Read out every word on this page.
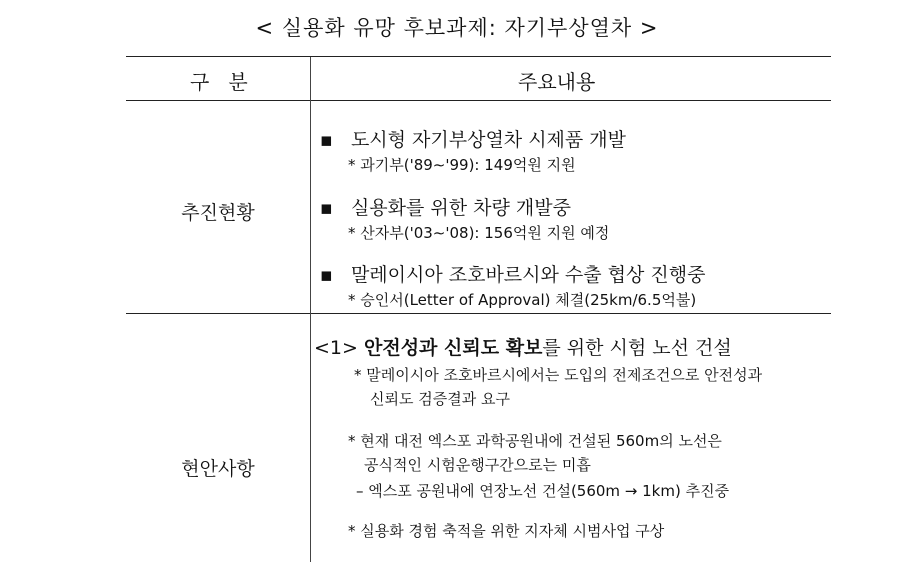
< 실용화 유망 후보과제: 자기부상열차 >
구   분	주요내용
추진현황
▪ 도시형 자기부상열차 시제품 개발
* 과기부('89∼'99): 149억원 지원
▪ 실용화를 위한 차량 개발중
* 산자부('03∼'08): 156억원 지원 예정
▪ 말레이시아 조호바르시와 수출 협상 진행중
* 승인서(Letter of Approval) 체결(25km/6.5억불)
현안사항
<1> 안전성과 신뢰도 확보를 위한 시험 노선 건설
* 말레이시아 조호바르시에서는 도입의 전제조건으로 안전성과
신뢰도 검증결과 요구
* 현재 대전 엑스포 과학공원내에 건설된 560m의 노선은
공식적인 시험운행구간으로는 미흡
– 엑스포 공원내에 연장노선 건설(560m → 1km) 추진중
* 실용화 경험 축적을 위한 지자체 시범사업 구상
